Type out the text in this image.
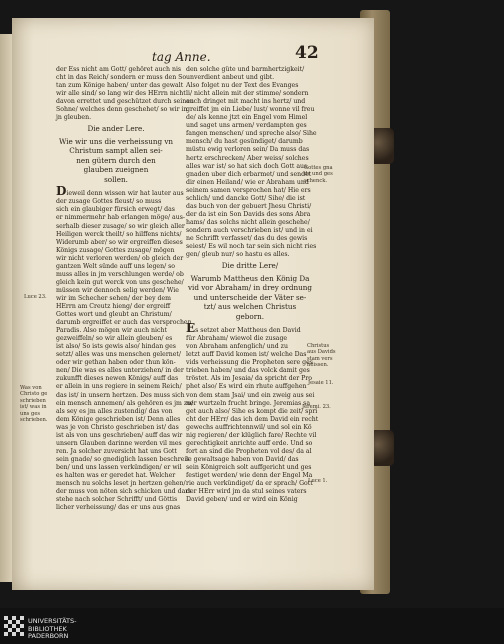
tag Anne.	42

der Ess nicht am Gott/ gehöret auch nis

cht in das Reich/ sondern er muss den So

tan zum Könige haben/ unter das gewalt

wir alle sind/ so lang wir des HErrn nicht

davon errettet und geschützet durch seinen

Sohne/ welches denn geschehet/ so wir in

jn gleuben.

Die ander Lere.

Wie wir uns die verheissung vn

Christum sampt allen sei-

nen gütern durch den

glauben zueignen

sollen.

Dieweil denn wissen wir hat lauter aus

der zusage Gottes fleust/ so muss

sich ein glaubiger fürsich erwegt/ das

er nimmermehr hab erlangen möge/ aus-

serhalb dieser zusage/ so wir gleich aller

Heiligen werck theilt/ so hilffens nichts/

Widerumb aber/ so wir ergreiffen dieses

Königs zusage/ Gottes zusage/ mögen

wir nicht verloren werden/ ob gleich der

gantzen Welt sünde auff uns legen/ so

muss alles in jm verschlungen werde/ ob

gleich kein gut werck von uns geschehe/

müssen wir dennoch selig werden/ Wie

wir im Schecher sehen/ der bey dem

HErrn am Creutz hieng/ der ergreiff

Gottes wort und gleubt an Christum/

darumb ergreiffet er auch das versprochen

Paradis. Also mögen wir auch nicht

gezweiffeln/ so wir allein gleuben/ es

ist also/ So ists gewis also/ hindan ges

setzt/ alles was uns menschen gelernet/

oder wir gethan haben oder thun kön-

nen/ Die was es alles unterziehen/ in der

zukunfft dieses newen Königs/ auff das

er allein in uns regiere in seinem Reich/

das ist/ in unsern hertzen. Des muss sich

ein mensch annemen/ als gehören es jm zu/

als sey es jm alles zustendig/ das von

dem Könige geschrieben ist/ Denn alles

was je von Christo geschrieben ist/ das

ist als von uns geschrieben/ auff das wir

unsern Glauben darinne werden vil mes

ren. Ja solcher zuversicht hat uns Gott

sein gnade/ so gnediglich lassen beschreis

ben/ und uns lassen verkündigen/ er wil

es halten was er geredet hat. Welcher

mensch nu solchs leset jn hertzen gehen/

der muss von nöten sich schicken und dars

stehe nach solcher Schrifft/ und Göttis

licher verheissung/ das er uns aus gnas

den solche güte und barmhertzigkeit/

unverdient anbeut und gibt.

Also folget nu der Text des Evanges

li/ nicht allein mit der stimme/ sondern

auch dringet mit macht ins hertz/ und

greiffet jm ein Liebe/ lust/ wonne vil freu

de/ als kenne jtzt ein Engel vom Himel

und saget uns armen/ verdampten ges

fangen menschen/ und spreche also/ Sihe

mensch/ du hast gesündiget/ darumb

müstu ewig verloren sein/ Da muss das

hertz erschrecken/ Aber weiss/ solches

alles war ist/ so hat sich doch Gott aus

gnaden uber dich erbarmet/ und sendet

dir einen Heiland/ wie er Abraham und

seinem samen versprochen hat/ Hie ers

schlich/ und dancke Gott/ Sihe/ die ist

das buch von der gebuert Jhesu Christi/

der da ist ein Son Davids des sons Abra

hams/ das solchs nicht allein geschehe/

sondern auch verschrieben ist/ und in ei

ne Schrifft verfasset/ das du des gewis

seiest/ Es wil noch tar sein sich nicht ries

gen/ gleub nur/ so hastu es alles.

Die dritte Lere/

Warumb Mattheus den König Da

vid vor Abraham/ in drey ordnung

und unterscheide der Väter se-

tzt/ aus welchen Christus

geborn.

Es setzet aber Mattheus den David

für Abraham/ wiewol die zusage

von Abraham anfenglich/ und zu

letzt auff David komen ist/ welche Das

vids verheissung die Propheten sere ges

trieben haben/ und das volck damit ges

tröstet. Als im Jesaia/ da spricht der Pro

phet also/ Es wird ein rhute auffgehen

von dem stam Jsai/ und ein zweig aus sei

ner wurtzeln frucht bringe. Jeremias sa

get auch also/ Sihe es kompt die zeit/ spri

cht der HErr/ das ich dem David ein recht

gewechs auffrichtennwil/ und sol ein Kö

nig regieren/ der klüglich fare/ Rechte vil

gerechtigkeit anrichte auff erde. Und so

fort an sind die Propheten vol des/ da al

le gewaltsage haben von David/ das

sein Königreich solt auffgericht und ges

festiget werden/ wie denn der Engel Ma

rie auch verkündiget/ da er sprach/ Gott

der HErr wird jm da stul seines vaters

David geben/ und er wird ein König

Luce 23.
Gottes gna
de und ges
schenck.
Christus
aus Davids
stam vers
heissen.
Jesaie 11.
Jeremi. 23.
Luce 1.
Was von
Christo ge
schrieben
ist/ was in
uns ges
schrieben.
UNIVERSITÄTS-
BIBLIOTHEK
PADERBORN
